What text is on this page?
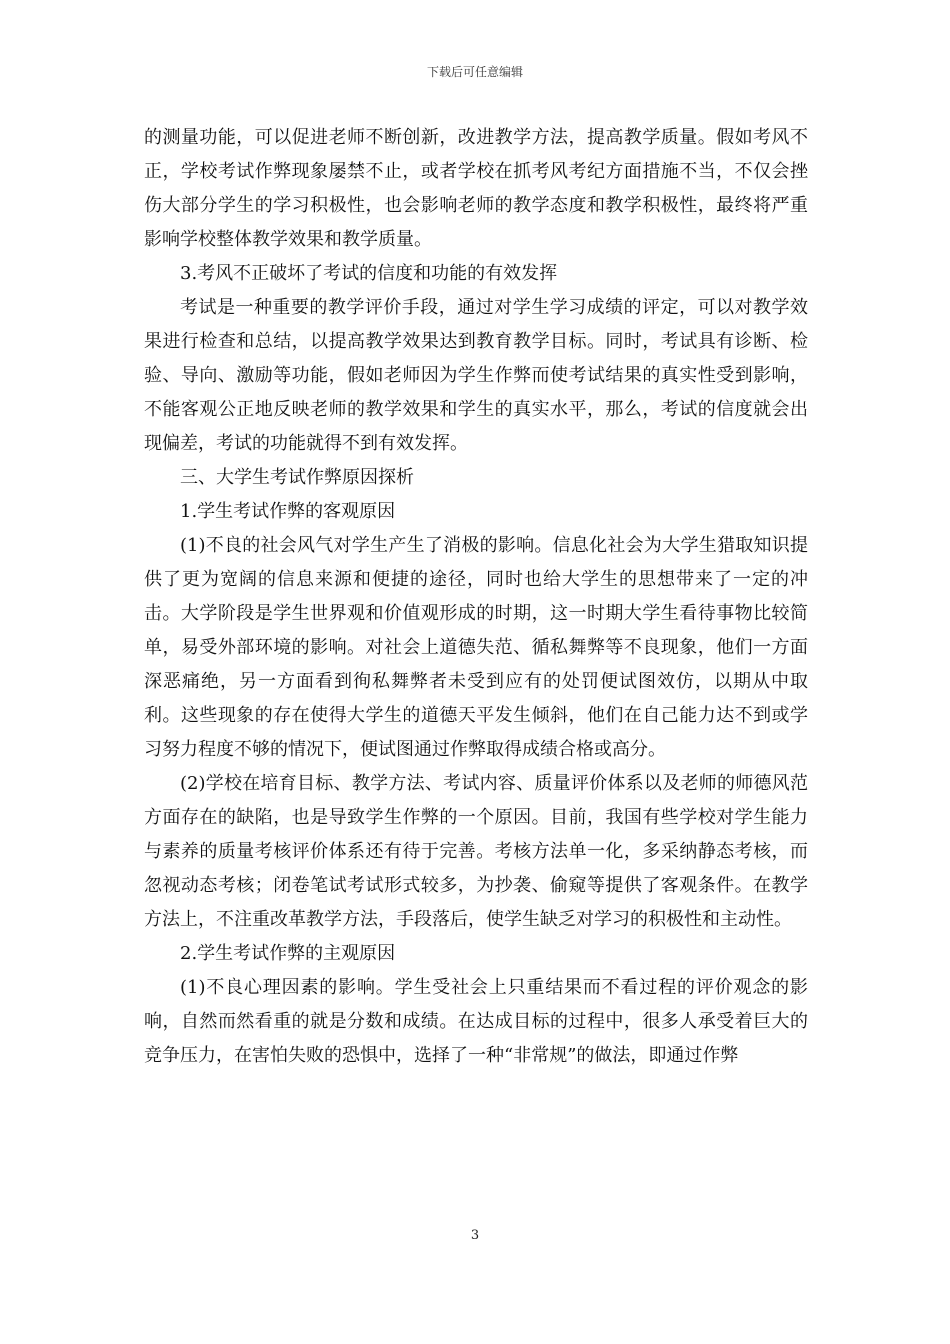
下载后可任意编辑

的测量功能，可以促进老师不断创新，改进教学方法，提高教学质量。假如考风不正，学校考试作弊现象屡禁不止，或者学校在抓考风考纪方面措施不当，不仅会挫伤大部分学生的学习积极性，也会影响老师的教学态度和教学积极性，最终将严重影响学校整体教学效果和教学质量。

3.考风不正破坏了考试的信度和功能的有效发挥

考试是一种重要的教学评价手段，通过对学生学习成绩的评定，可以对教学效果进行检查和总结，以提高教学效果达到教育教学目标。同时，考试具有诊断、检验、导向、激励等功能，假如老师因为学生作弊而使考试结果的真实性受到影响，不能客观公正地反映老师的教学效果和学生的真实水平，那么，考试的信度就会出现偏差，考试的功能就得不到有效发挥。

三、大学生考试作弊原因探析

1.学生考试作弊的客观原因

(1)不良的社会风气对学生产生了消极的影响。信息化社会为大学生猎取知识提供了更为宽阔的信息来源和便捷的途径，同时也给大学生的思想带来了一定的冲击。大学阶段是学生世界观和价值观形成的时期，这一时期大学生看待事物比较简单，易受外部环境的影响。对社会上道德失范、循私舞弊等不良现象，他们一方面深恶痛绝，另一方面看到徇私舞弊者未受到应有的处罚便试图效仿，以期从中取利。这些现象的存在使得大学生的道德天平发生倾斜，他们在自己能力达不到或学习努力程度不够的情况下，便试图通过作弊取得成绩合格或高分。

(2)学校在培育目标、教学方法、考试内容、质量评价体系以及老师的师德风范方面存在的缺陷，也是导致学生作弊的一个原因。目前，我国有些学校对学生能力与素养的质量考核评价体系还有待于完善。考核方法单一化，多采纳静态考核，而忽视动态考核；闭卷笔试考试形式较多，为抄袭、偷窥等提供了客观条件。在教学方法上，不注重改革教学方法，手段落后，使学生缺乏对学习的积极性和主动性。

2.学生考试作弊的主观原因

(1)不良心理因素的影响。学生受社会上只重结果而不看过程的评价观念的影响，自然而然看重的就是分数和成绩。在达成目标的过程中，很多人承受着巨大的竞争压力，在害怕失败的恐惧中，选择了一种“非常规”的做法，即通过作弊

3
